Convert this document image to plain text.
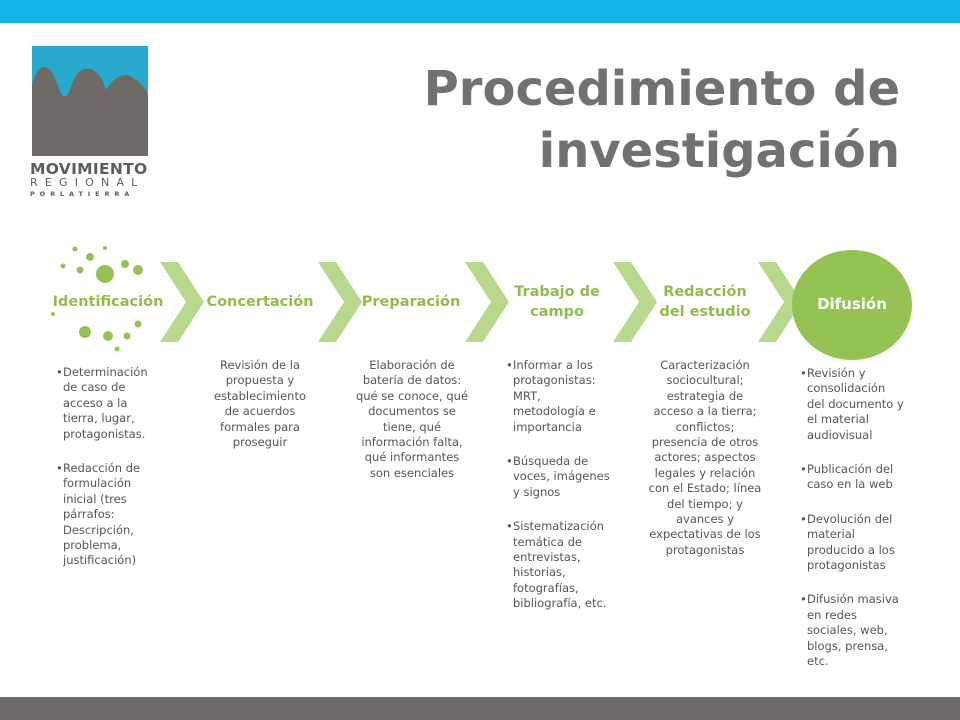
MOVIMIENTO
REGIONAL
PORLATIERRA
Procedimiento de
investigación
Identificación	Concertación	Preparación
Trabajo de campo
Redacción del estudio	Difusión
• Determinación de caso de acceso a la tierra, lugar, protagonistas.
• Redacción de formulación inicial (tres párrafos: Descripción, problema, justificación)
Revisión de la propuesta y establecimiento de acuerdos formales para proseguir
Elaboración de batería de datos: qué se conoce, qué documentos se tiene, qué información falta, qué informantes son esenciales
• Informar a los protagonistas: MRT, metodología e importancia
• Búsqueda de voces, imágenes y signos
• Sistematización temática de entrevistas, historias, fotografías, bibliografía, etc.
Caracterización sociocultural; estrategia de acceso a la tierra; conflictos; presencia de otros actores; aspectos legales y relación con el Estado; línea del tiempo; y avances y expectativas de los protagonistas
• Revisión y consolidación del documento y el material audiovisual
• Publicación del caso en la web
• Devolución del material producido a los protagonistas
• Difusión masiva en redes sociales, web, blogs, prensa, etc.
